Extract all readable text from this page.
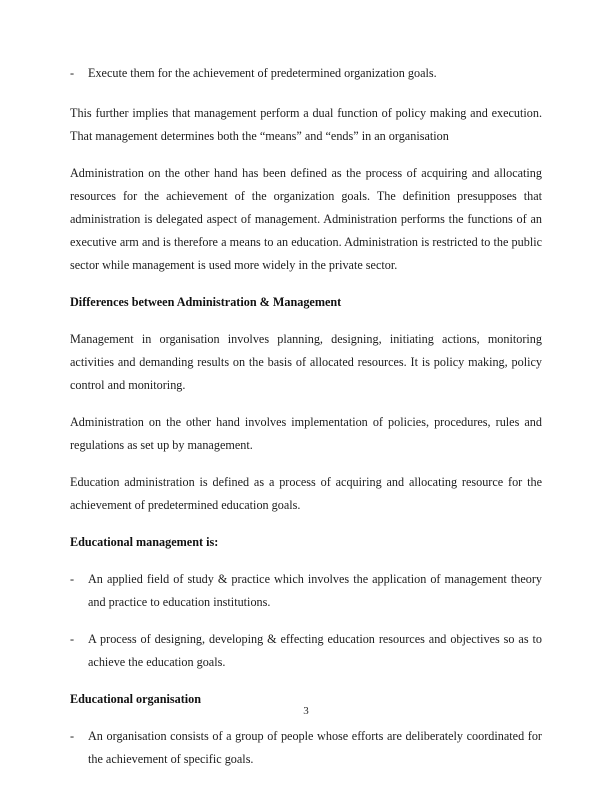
- Execute them for the achievement of predetermined organization goals.

This further implies that management perform a dual function of policy making and execution. That management determines both the “means” and “ends” in an organisation

Administration on the other hand has been defined as the process of acquiring and allocating resources for the achievement of the organization goals. The definition presupposes that administration is delegated aspect of management. Administration performs the functions of an executive arm and is therefore a means to an education. Administration is restricted to the public sector while management is used more widely in the private sector.

Differences between Administration & Management

Management in organisation involves planning, designing, initiating actions, monitoring activities and demanding results on the basis of allocated resources. It is policy making, policy control and monitoring.

Administration on the other hand involves implementation of policies, procedures, rules and regulations as set up by management.

Education administration is defined as a process of acquiring and allocating resource for the achievement of predetermined education goals.

Educational management is:

- An applied field of study & practice which involves the application of management theory and practice to education institutions.
- A process of designing, developing & effecting education resources and objectives so as to achieve the education goals.

Educational organisation

- An organisation consists of a group of people whose efforts are deliberately coordinated for the achievement of specific goals.
3
